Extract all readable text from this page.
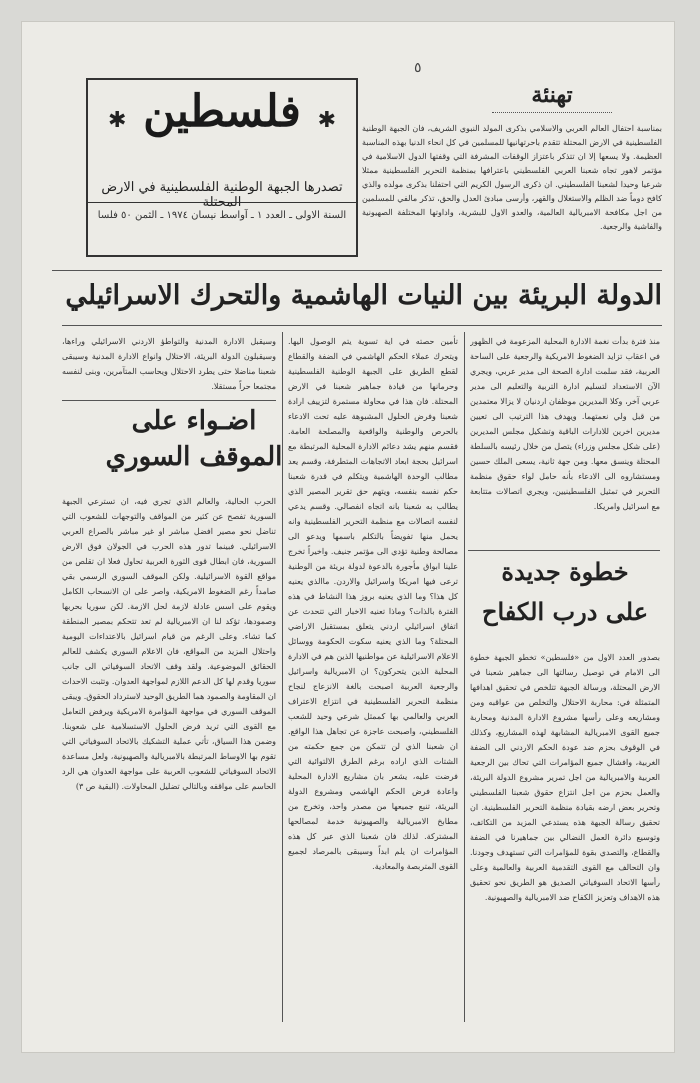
٥
✱ فلسطين ✱
تصدرها الجبهة الوطنية الفلسطينية في الارض المحتلة
السنة الاولى ـ العدد ١ ـ آواسط نيسان ١٩٧٤ ـ الثمن ٥٠ فلسا
تهنئة
بمناسبة احتفال العالم العربي والاسلامي بذكرى المولد النبوي الشريف، فان الجبهة الوطنية الفلسطينية في الارض المحتلة تتقدم باحرتهانيها للمسلمين في كل انحاء الدنيا بهذه المناسبة العظيمة. ولا يسعها إلا ان تتذكر باعتزاز الوقفات المشرفة التي وقفتها الدول الاسلامية في مؤتمر لاهور تجاه شعبنا العربي الفلسطيني باعترافها بمنظمة التحرير الفلسطينية ممثلا شرعيا وحيدا لشعبنا الفلسطيني. ان ذكرى الرسول الكريم التي احتفلنا بذكرى مولده والذي كافح دوماً ضد الظلم والاستغلال والقهر، وأرسى مبادئ العدل والحق، تذكر مالفي للمسلمين من اجل مكافحة الامبريالية العالمية، والعدو الاول للبشرية، واداوتها المختلفة الصهيونية والفاشية والرجعية.
الدولة البريئة بين النيات الهاشمية والتحرك الاسرائيلي
منذ فترة بدأت نغمة الادارة المحلية المزعومة في الظهور في اعقاب تزايد الضغوط الامريكية والرجعية على الساحة العربية، فقد سلمت ادارة الصحة الى مدير عربي، ويجري الآن الاستعداد لتسليم ادارة التربية والتعليم الى مدير عربي آخر، وكلا المديرين موظفان اردنيان لا يزالا معتمدين من قبل ولي نعمتهما. ويهدف هذا الترتيب الى تعيين مديرين اخرين للادارات الباقية وتشكيل مجلس المديرين (على شكل مجلس وزراء) يتصل من خلال رئيسه بالسلطة المحتلة وينسق معها. ومن جهة ثانية، يسعى الملك حسين ومستشاروه الى الادعاء بأنه حامل لواء حقوق منظمة التحرير في تمثيل الفلسطينيين، ويجري اتصالات متتابعة مع اسرائيل وامريكا.
خطوة جديدة
على درب الكفاح
بصدور العدد الاول من «فلسطين» تخطو الجبهة خطوة الى الامام في توصيل رسالتها الى جماهير شعبنا في الارض المحتلة، ورسالة الجبهة تتلخص في تحقيق اهدافها المتمثلة في: محاربة الاحتلال والتخلص من عواقبه ومن ومشاريعه وعلى رأسها مشروع الادارة المدنية ومحاربة جميع القوى الامبريالية المشابهة لهذه المشاريع، وكذلك في الوقوف بحزم ضد عودة الحكم الاردني الى الضفة الغربية، وافشال جميع المؤامرات التي تحاك بين الرجعية العربية والامبريالية من اجل تمرير مشروع الدولة البريئة، والعمل بحزم من اجل انتزاع حقوق شعبنا الفلسطيني وتحرير بعض ارضه بقيادة منظمة التحرير الفلسطينية. ان تحقيق رسالة الجبهة هذه يستدعي المزيد من التكاتف، وتوسيع دائرة العمل النضالي بين جماهيرنا في الضفة والقطاع، والتصدي بقوة للمؤامرات التي تستهدف وجودنا. وان التحالف مع القوى التقدمية العربية والعالمية وعلى رأسها الاتحاد السوفياتي الصديق هو الطريق نحو تحقيق هذه الاهداف وتعزيز الكفاح ضد الامبريالية والصهيونية.
تأمين حصته في اية تسوية يتم الوصول اليها. ويتحرك عملاء الحكم الهاشمي في الضفة والقطاع لقطع الطريق على الجبهة الوطنية الفلسطينية وحرمانها من قيادة جماهير شعبنا في الارض المحتلة. فان هذا في محاولة مستمرة لتزييف ارادة شعبنا وفرض الحلول المشبوهة عليه تحت الادعاء بالحرص والوطنية والواقعية والمصلحة العامة. فقسم منهم يشد دعائم الادارة المحلية المرتبطة مع اسرائيل بحجة ابعاد الاتجاهات المتطرفة، وقسم يعد مطالب الوحدة الهاشمية ويتكلم في قدرة شعبنا حكم نفسه بنفسه، ويتهم حق تقرير المصير الذي يطالب به شعبنا بانه اتجاه انفصالي. وقسم يدعي لنفسه اتصالات مع منظمة التحرير الفلسطينية وانه يحمل منها تفويضاً بالتكلم باسمها ويدعو الى مصالحة وطنية تؤدي الى مؤتمر جنيف. واخيراً تخرج علينا ابواق مأجورة بالدعوة لدولة بريئة من الوطنية ترعى فيها امريكا واسرائيل والاردن. ماالذي يعنيه كل هذا؟ وما الذي يعنيه بروز هذا النشاط في هذه الفترة بالذات؟ وماذا تعنيه الاخبار التي تتحدث عن اتفاق اسرائيلي اردني يتعلق بمستقبل الاراضي المحتلة؟ وما الذي يعنيه سكوت الحكومة ووسائل الاعلام الاسرائيلية عن مواطنيها الذين هم في الادارة المحلية الذين يتحركون؟ ان الامبريالية واسرائيل والرجعية العربية اصبحت بالغة الانزعاج لنجاح منظمة التحرير الفلسطينية في انتزاع الاعتراف العربي والعالمي بها كممثل شرعي وحيد للشعب الفلسطيني، واصبحت عاجزة عن تجاهل هذا الواقع. ان شعبنا الذي لن تتمكن من جمع حكمته من الشتات الذي اراده برغم الطرق الالتوائية التي فرضت عليه، يشعر بان مشاريع الادارة المحلية واعادة فرض الحكم الهاشمي ومشروع الدولة البريئة، تنبع جميعها من مصدر واحد، وتخرج من مطابخ الامبريالية والصهيونية خدمة لمصالحها المشتركة. لذلك فان شعبنا الذي عبر كل هذه المؤامرات ان يلم ابداً وسيبقى بالمرصاد لجميع القوى المتربصة والمعادية.
وسيقبل الادارة المدنية والتواطؤ الاردني الاسرائيلي وراءها، وسيقبلون الدولة البريئة، الاحتلال وانواع الادارة المدنية وسيبقى شعبنا مناضلا حتى يطرد الاحتلال ويحاسب المتآمرين، وبنى لنفسه مجتمعا حراً مستقلا.
اضـواء على
الموقف السوري
الحرب الحالية، والعالم الذي تجري فيه، ان تسترعي الجبهة السورية تفصح عن كثير من المواقف والتوجهات للشعوب التي تناضل نحو مصير افضل مباشر او غير مباشر بالصراع العربي الاسرائيلي. فبينما تدور هذه الحرب في الجولان فوق الارض السورية، فان ابطال قوى الثورة العربية تحاول فعلا ان تقلص من مواقع القوة الاسرائيلية. ولكن الموقف السوري الرسمي بقي صامداً رغم الضغوط الامريكية، واصر على ان الانسحاب الكامل ويقوم على اسس عادلة لازمة لحل الازمة. لكن سوريا بحربها وصمودها، تؤكد لنا ان الامبريالية لم تعد تتحكم بمصير المنطقة كما تشاء. وعلى الرغم من قيام اسرائيل بالاعتداءات اليومية واحتلال المزيد من المواقع، فان الاعلام السوري يكشف للعالم الحقائق الموضوعية. ولقد وقف الاتحاد السوفياتي الى جانب سوريا وقدم لها كل الدعم اللازم لمواجهة العدوان. وتثبت الاحداث ان المقاومة والصمود هما الطريق الوحيد لاسترداد الحقوق. ويبقى الموقف السوري في مواجهة المؤامرة الامريكية ويرفض التعامل مع القوى التي تريد فرض الحلول الاستسلامية على شعوبنا. وضمن هذا السياق، تأتي عملية التشكيك بالاتحاد السوفياتي التي تقوم بها الاوساط المرتبطة بالامبريالية والصهيونية، ولعل مساعدة الاتحاد السوفياتي للشعوب العربية على مواجهة العدوان هي الرد الحاسم على مواقفه وبالتالي تضليل المحاولات. (البقية ص ٣)
